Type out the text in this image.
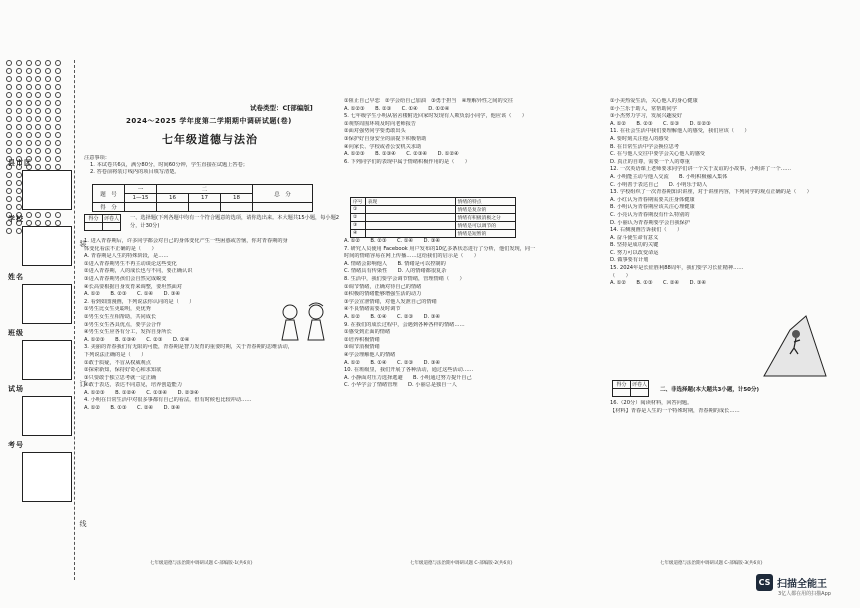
装
订
线
县市区
学校
姓名
班级
试场
考号
试卷类型：C[部编版]
2024～2025 学年度第二学期期中调研试题(卷)
七年级道德与法治
注意事项：
1. 本试卷共6页，满分80分，时间60分钟，学生直接在试题上答卷；
2. 答卷前将装订线内的项目填写清楚。
题　号	一	二			总　分
	1—15	16	17	18	
得　分					
得分	评卷人
	一、选择题(下列各题中均有一个符合题意的选项，请你选出来。本大题共15小题，每小题2分，计30分)
1. 进入青春期后，许多同学都会对自己的身体变化产生一些困惑或苦恼，你对青春期的身
体变化看法不正确的是（　　）
A. 青春期是人生的特殊阶段，是……
①进入青春期男生不再主动谈论这些变化
②进入青春期，人的成长也与不同，要正确认识
③进入青春期男孩们会自然完成蜕变
④长高要根据自身发育来调整，要坦然面对
A. ①②　　B. ②③　　C. ①④　　D. ③④
2. 看到如图漫画，下列说法你认同的是（　　）
①男生比女生更聪明，更优秀
②男生女生互相帮助，共同成长
③男生女生各具优点，要学会合作
④男生女生应各有分工，发挥自身所长
A. ①②③　　B. ①③④　　C. ②③　　D. ②④
3. 美丽的青春我们有无限的可能，青春期是智力发育的重要时期，关于青春期的思维活动，
下列说法正确的是（　　）
①敢于质疑，不盲从权威观点
②探索新知，保持好奇心和求知欲
③只要敢于独立思考就一定正确
④敢于表达，表达不同意见，培养创造能力
A. ①②③　　B. ①②④　　C. ①③④　　D. ②③④
4. 小明在日常生活中对很多事都有自己的看法，但有时候也比较冲动……
A. ①②　　B. ①③　　C. ②④　　D. ③④
①阻止自己早恋　②学会给自己加油　③勇于担当　④理解异性之间的交往
A. ①②③　　B. ②③　　C. ①④　　D. ①②④
5. 七年级学生小明从宿舍楼附近回家时发现有人欺负弱小同学，他应该（　　）
①观察周围环境及时向老师报告
②面对强势同学要勇敢出头
③保护好自身安全的前提下积极帮助
④向家长、学校或者公安机关求助
A. ①②③　　B. ①③④　　C. ②③④　　D. ①②④
6. 下列同学们的表现中属于情绪积极作用的是（　　）
序号	表现	情绪的特点
①		情绪是复杂的
②		情绪有积极消极之分
③		情绪是可以调节的
④		情绪是短暂的
A. ①②　　B. ②③　　C. ①④　　D. ③④
7. 研究人员使用 Facebook 用户发布的10亿多条状态进行了分析，他们发现，同一
时间的情绪容易在网上传播……这给我们的启示是（　　）
A. 情绪会影响他人　　B. 情绪是可以控制的
C. 情绪具有传染性　　D. 人的情绪都很复杂
8. 生活中，我们要学会调节情绪，管理情绪（　　）
①调节情绪，正确对待自己的情绪
②积极的情绪能够增强生活的动力
③学会宣泄情绪，对他人发泄自己的情绪
④不良情绪需要及时调节
A. ①②　　B. ①④　　C. ②③　　D. ③④
9. 在我们的成长过程中，会遇到各种各样的情绪……
①感受到正面的情绪
②培养积极情绪
③调节消极情绪
④学会理解他人的情绪
A. ①②　　B. ①④　　C. ②③　　D. ③④
10. 在班级里，我们开展了各种活动，通过这些活动……
A. 小静面对压力选择逃避　　B. 小明通过努力提升自己
C. 小华学会了情绪管理　　D. 小丽总是独自一人
①小美热爱生活，关心他人的身心健康
②小兰乐于助人，常帮助同学
③小杰努力学习，发展兴趣爱好
A. ①②　　B. ②③　　C. ①③　　D. ①②③
11. 在社会生活中我们要理解他人的感受，我们应该（　　）
A. 要时刻关注他人的感受
B. 在日常生活中学会换位思考
C. 在与他人交往中要学会关心他人的感受
D. 真正的自尊，需要一个人的尊重
12. 一次英语课上老师要求同学们讲一个关于友谊的小故事，小明讲了一个……
A. 小明能主动与他人交流　　B. 小明积极融入集体
C. 小明善于表达自己　　D. 小明乐于助人
13. 学校组织了一次青春期知识讲座，对于讲座内容，下列同学的观点正确的是（　　）
A. 小红认为青春期需要关注身体健康
B. 小明认为青春期应该关注心理健康
C. 小亮认为青春期没有什么特别的
D. 小丽认为青春期要学会自我保护
14. 右侧漫画告诉我们（　　）
A. 奋斗使生命有意义
B. 坚持是成功的关键
C. 努力可以改变命运
D. 做事要有计划
15. 2024年是长征胜利88周年，我们要学习长征精神……
（　　）
A. ①②　　B. ①③　　C. ②④　　D. ③④
得分	评卷人

二、非选择题(本大题共3小题，计50分)
16.（20分）阅读材料，回答问题。
【材料】青春是人生的一个特殊时期，青春期的成长……
七年级道德与法治期中调研试题 C-部编版-1(共6页)	七年级道德与法治期中调研试题 C-部编版-2(共6页)	七年级道德与法治期中调研试题 C-部编版-3(共6页)
CS 扫描全能王
3亿人都在用的扫描App
